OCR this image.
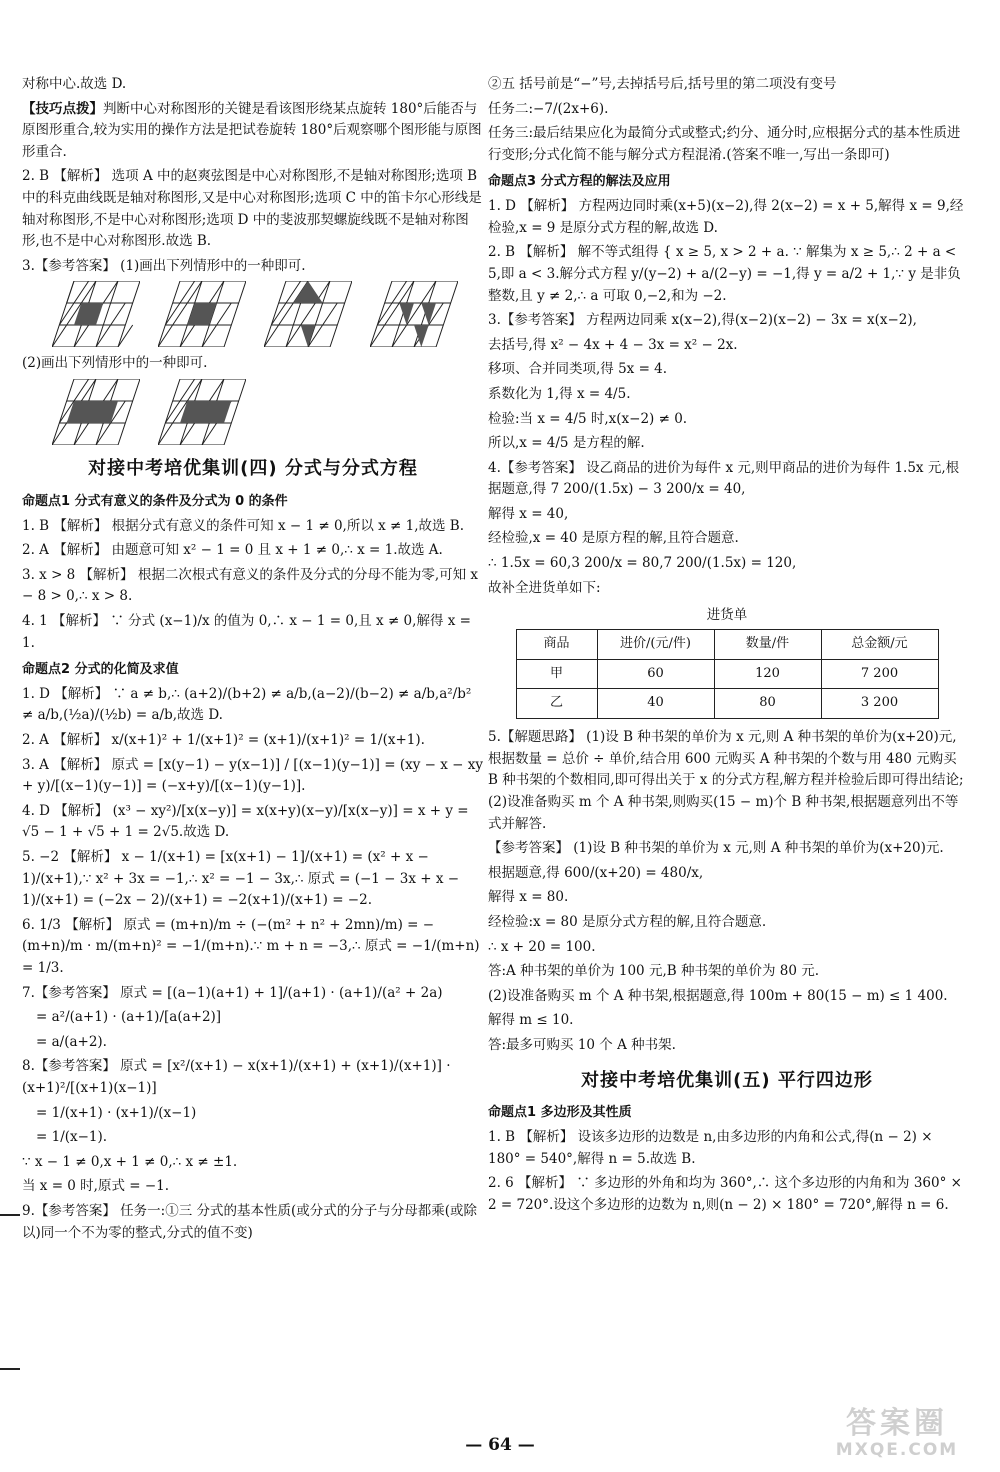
对称中心.故选 D.

【技巧点拨】判断中心对称图形的关键是看该图形绕某点旋转 180°后能否与原图形重合,较为实用的操作方法是把试卷旋转 180°后观察哪个图形能与原图形重合.

2. B 【解析】 选项 A 中的赵爽弦图是中心对称图形,不是轴对称图形;选项 B 中的科克曲线既是轴对称图形,又是中心对称图形;选项 C 中的笛卡尔心形线是轴对称图形,不是中心对称图形;选项 D 中的斐波那契螺旋线既不是轴对称图形,也不是中心对称图形.故选 B.

3.【参考答案】 (1)画出下列情形中的一种即可.

(2)画出下列情形中的一种即可.

对接中考培优集训(四) 分式与分式方程
命题点1 分式有意义的条件及分式为 0 的条件

1. B 【解析】 根据分式有意义的条件可知 x − 1 ≠ 0,所以 x ≠ 1,故选 B.

2. A 【解析】 由题意可知 x² − 1 = 0 且 x + 1 ≠ 0,∴ x = 1.故选 A.

3. x > 8 【解析】 根据二次根式有意义的条件及分式的分母不能为零,可知 x − 8 > 0,∴ x > 8.

4. 1 【解析】 ∵ 分式 (x−1)/x 的值为 0,∴ x − 1 = 0,且 x ≠ 0,解得 x = 1.

命题点2 分式的化简及求值

1. D 【解析】 ∵ a ≠ b,∴ (a+2)/(b+2) ≠ a/b,(a−2)/(b−2) ≠ a/b,a²/b² ≠ a/b,(½a)/(½b) = a/b,故选 D.

2. A 【解析】 x/(x+1)² + 1/(x+1)² = (x+1)/(x+1)² = 1/(x+1).

3. A 【解析】 原式 = [x(y−1) − y(x−1)] / [(x−1)(y−1)] = (xy − x − xy + y)/[(x−1)(y−1)] = (−x+y)/[(x−1)(y−1)].

4. D 【解析】 (x³ − xy²)/[x(x−y)] = x(x+y)(x−y)/[x(x−y)] = x + y = √5 − 1 + √5 + 1 = 2√5.故选 D.

5. −2 【解析】 x − 1/(x+1) = [x(x+1) − 1]/(x+1) = (x² + x − 1)/(x+1),∵ x² + 3x = −1,∴ x² = −1 − 3x,∴ 原式 = (−1 − 3x + x − 1)/(x+1) = (−2x − 2)/(x+1) = −2(x+1)/(x+1) = −2.

6. 1/3 【解析】 原式 = (m+n)/m ÷ (−(m² + n² + 2mn)/m) = −(m+n)/m · m/(m+n)² = −1/(m+n).∵ m + n = −3,∴ 原式 = −1/(m+n) = 1/3.

7.【参考答案】 原式 = [(a−1)(a+1) + 1]/(a+1) · (a+1)/(a² + 2a)

= a²/(a+1) · (a+1)/[a(a+2)]

= a/(a+2).

8.【参考答案】 原式 = [x²/(x+1) − x(x+1)/(x+1) + (x+1)/(x+1)] · (x+1)²/[(x+1)(x−1)]

= 1/(x+1) · (x+1)/(x−1)

= 1/(x−1).

∵ x − 1 ≠ 0,x + 1 ≠ 0,∴ x ≠ ±1.

当 x = 0 时,原式 = −1.

9.【参考答案】 任务一:①三 分式的基本性质(或分式的分子与分母都乘(或除以)同一个不为零的整式,分式的值不变)

②五 括号前是“−”号,去掉括号后,括号里的第二项没有变号

任务二:−7/(2x+6).

任务三:最后结果应化为最简分式或整式;约分、通分时,应根据分式的基本性质进行变形;分式化简不能与解分式方程混淆.(答案不唯一,写出一条即可)

命题点3 分式方程的解法及应用

1. D 【解析】 方程两边同时乘(x+5)(x−2),得 2(x−2) = x + 5,解得 x = 9,经检验,x = 9 是原分式方程的解,故选 D.

2. B 【解析】 解不等式组得 { x ≥ 5, x > 2 + a. ∵ 解集为 x ≥ 5,∴ 2 + a < 5,即 a < 3.解分式方程 y/(y−2) + a/(2−y) = −1,得 y = a/2 + 1,∵ y 是非负整数,且 y ≠ 2,∴ a 可取 0,−2,和为 −2.

3.【参考答案】 方程两边同乘 x(x−2),得(x−2)(x−2) − 3x = x(x−2),

去括号,得 x² − 4x + 4 − 3x = x² − 2x.

移项、合并同类项,得 5x = 4.

系数化为 1,得 x = 4/5.

检验:当 x = 4/5 时,x(x−2) ≠ 0.

所以,x = 4/5 是方程的解.

4.【参考答案】 设乙商品的进价为每件 x 元,则甲商品的进价为每件 1.5x 元,根据题意,得 7 200/(1.5x) − 3 200/x = 40,

解得 x = 40,

经检验,x = 40 是原方程的解,且符合题意.

∴ 1.5x = 60,3 200/x = 80,7 200/(1.5x) = 120,

故补全进货单如下:

进货单
商品	进价/(元/件)	数量/件	总金额/元
甲	60	120	7 200
乙	40	80	3 200

5.【解题思路】 (1)设 B 种书架的单价为 x 元,则 A 种书架的单价为(x+20)元,根据数量 = 总价 ÷ 单价,结合用 600 元购买 A 种书架的个数与用 480 元购买 B 种书架的个数相同,即可得出关于 x 的分式方程,解方程并检验后即可得出结论;(2)设准备购买 m 个 A 种书架,则购买(15 − m)个 B 种书架,根据题意列出不等式并解答.

【参考答案】 (1)设 B 种书架的单价为 x 元,则 A 种书架的单价为(x+20)元.

根据题意,得 600/(x+20) = 480/x,

解得 x = 80.

经检验:x = 80 是原分式方程的解,且符合题意.

∴ x + 20 = 100.

答:A 种书架的单价为 100 元,B 种书架的单价为 80 元.

(2)设准备购买 m 个 A 种书架,根据题意,得 100m + 80(15 − m) ≤ 1 400.

解得 m ≤ 10.

答:最多可购买 10 个 A 种书架.

对接中考培优集训(五) 平行四边形
命题点1 多边形及其性质

1. B 【解析】 设该多边形的边数是 n,由多边形的内角和公式,得(n − 2) × 180° = 540°,解得 n = 5.故选 B.

2. 6 【解析】 ∵ 多边形的外角和均为 360°,∴ 这个多边形的内角和为 360° × 2 = 720°.设这个多边形的边数为 n,则(n − 2) × 180° = 720°,解得 n = 6.

— 64 —
答案圈
MXQE.COM
